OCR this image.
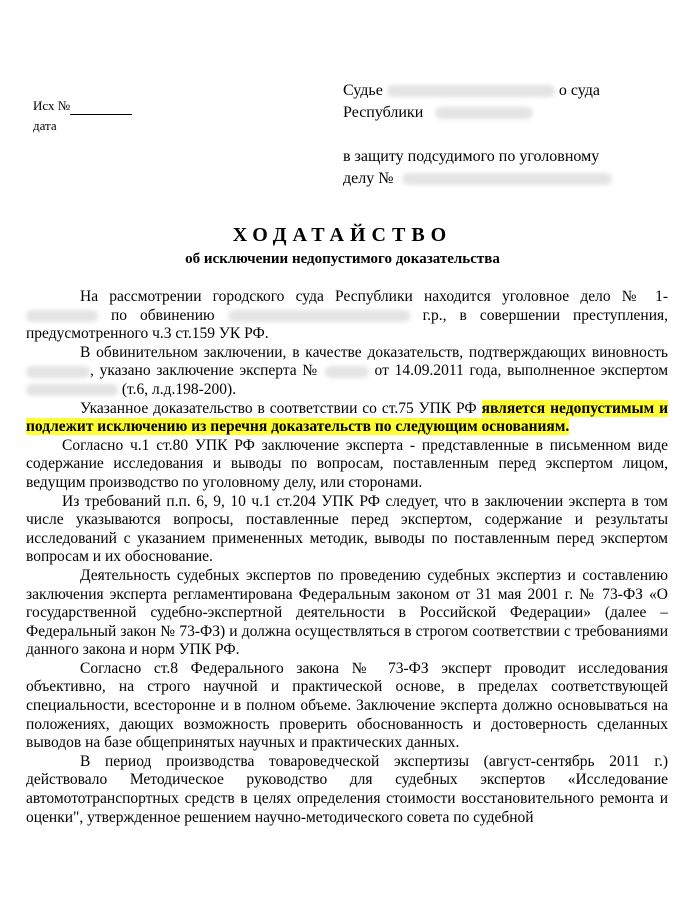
Исх №
дата
Судье	о суда
Республики
в защиту подсудимого по уголовному
делу №
ХОДАТАЙСТВО
об исключении недопустимого доказательства

На рассмотрении городского суда Республики находится уголовное дело № 1-  по обвинению	г.р., в совершении преступления, предусмотренного ч.3 ст.159 УК РФ.

В обвинительном заключении, в качестве доказательств, подтверждающих виновность , указано заключение эксперта №	от 14.09.2011 года, выполненное экспертом  (т.6, л.д.198-200).

Указанное доказательство в соответствии со ст.75 УПК РФ является недопустимым и подлежит исключению из перечня доказательств по следующим основаниям.

Согласно ч.1 ст.80 УПК РФ заключение эксперта - представленные в письменном виде содержание исследования и выводы по вопросам, поставленным перед экспертом лицом, ведущим производство по уголовному делу, или сторонами.

Из требований п.п. 6, 9, 10 ч.1 ст.204 УПК РФ следует, что в заключении эксперта в том числе указываются вопросы, поставленные перед экспертом, содержание и результаты исследований с указанием примененных методик, выводы по поставленным перед экспертом вопросам и их обоснование.

Деятельность судебных экспертов по проведению судебных экспертиз и составлению заключения эксперта регламентирована Федеральным законом от 31 мая 2001 г. № 73-ФЗ «О государственной судебно-экспертной деятельности в Российской Федерации» (далее – Федеральный закон № 73-ФЗ) и должна осуществляться в строгом соответствии с требованиями данного закона и норм УПК РФ.

Согласно ст.8 Федерального закона № 73-ФЗ эксперт проводит исследования объективно, на строго научной и практической основе, в пределах соответствующей специальности, всесторонне и в полном объеме. Заключение эксперта должно основываться на положениях, дающих возможность проверить обоснованность и достоверность сделанных выводов на базе общепринятых научных и практических данных.

В период производства товароведческой экспертизы (август-сентябрь 2011 г.) действовало Методическое руководство для судебных экспертов «Исследование автомототранспортных средств в целях определения стоимости восстановительного ремонта и оценки", утвержденное решением научно-методического совета по судебной
